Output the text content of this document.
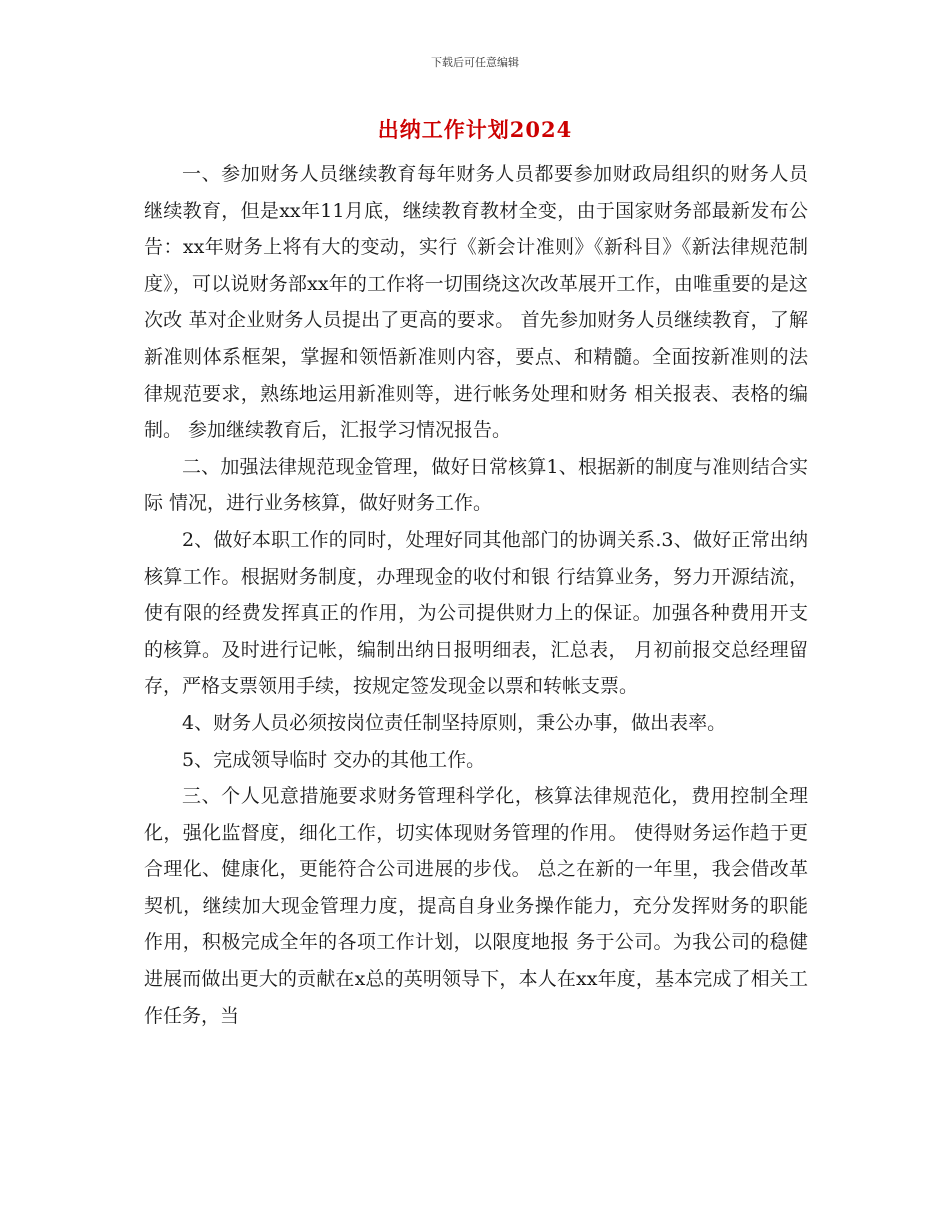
下载后可任意编辑
出纳工作计划2024

一、参加财务人员继续教育每年财务人员都要参加财政局组织的财务人员继续教育，但是xx年11月底，继续教育教材全变，由于国家财务部最新发布公 告：xx年财务上将有大的变动，实行《新会计准则》《新科目》《新法律规范制度》，可以说财务部xx年的工作将一切围绕这次改革展开工作，由唯重要的是这次改 革对企业财务人员提出了更高的要求。 首先参加财务人员继续教育，了解新准则体系框架，掌握和领悟新准则内容，要点、和精髓。全面按新准则的法律规范要求，熟练地运用新准则等，进行帐务处理和财务 相关报表、表格的编制。 参加继续教育后，汇报学习情况报告。

二、加强法律规范现金管理，做好日常核算1、根据新的制度与准则结合实际 情况，进行业务核算，做好财务工作。

2、做好本职工作的同时，处理好同其他部门的协调关系.3、做好正常出纳核算工作。根据财务制度，办理现金的收付和银 行结算业务，努力开源结流，使有限的经费发挥真正的作用，为公司提供财力上的保证。加强各种费用开支的核算。及时进行记帐，编制出纳日报明细表，汇总表， 月初前报交总经理留存，严格支票领用手续，按规定签发现金以票和转帐支票。

4、财务人员必须按岗位责任制坚持原则，秉公办事，做出表率。

5、完成领导临时 交办的其他工作。

三、个人见意措施要求财务管理科学化，核算法律规范化，费用控制全理化，强化监督度，细化工作，切实体现财务管理的作用。 使得财务运作趋于更合理化、健康化，更能符合公司进展的步伐。 总之在新的一年里，我会借改革契机，继续加大现金管理力度，提高自身业务操作能力，充分发挥财务的职能作用，积极完成全年的各项工作计划，以限度地报 务于公司。为我公司的稳健进展而做出更大的贡献在x总的英明领导下，本人在xx年度，基本完成了相关工作任务，当
